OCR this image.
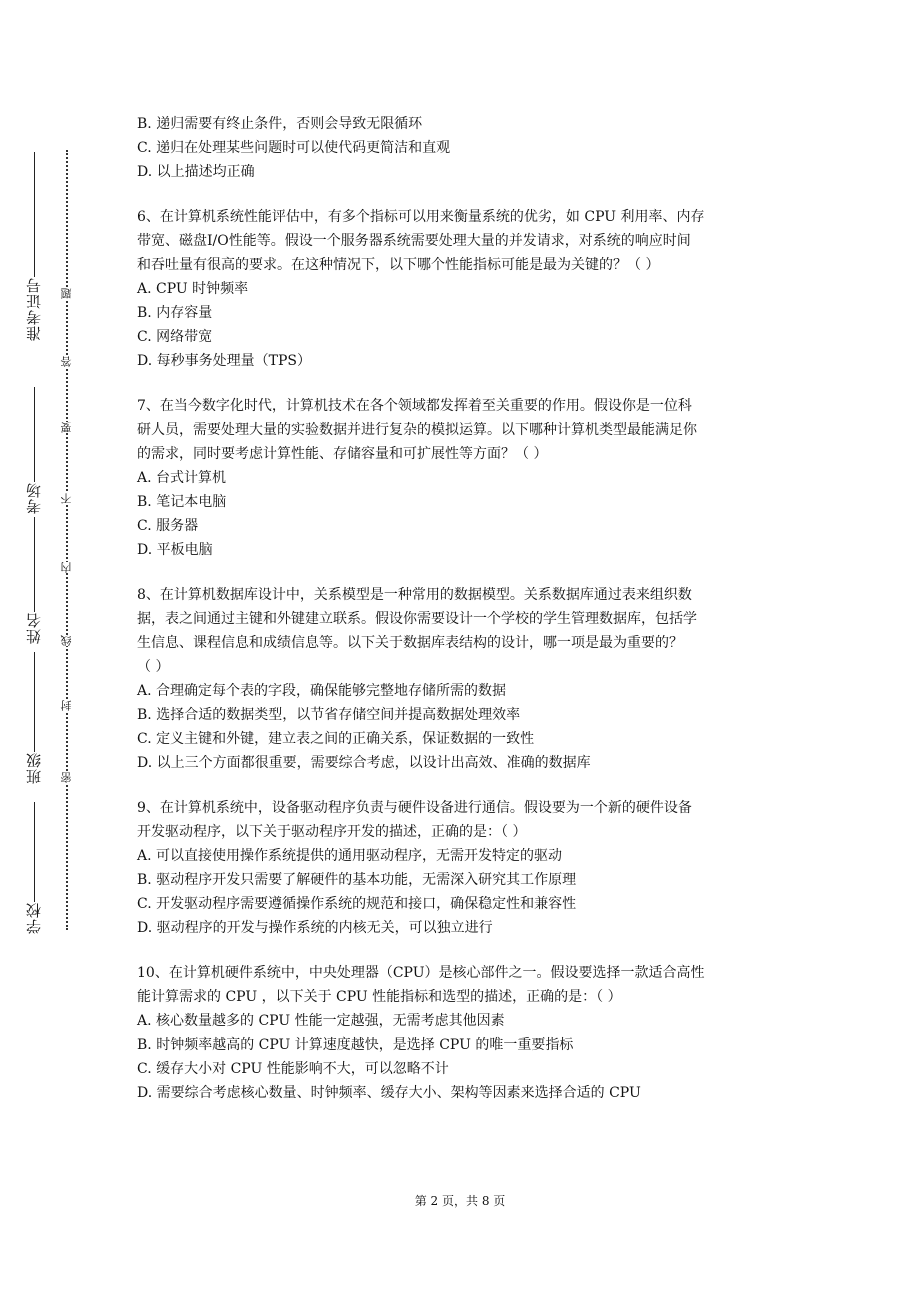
学校
班级
姓名
考场
准考证号
密
封
线
内
不
要
答
题
B. 递归需要有终止条件，否则会导致无限循环
C. 递归在处理某些问题时可以使代码更简洁和直观
D. 以上描述均正确
6、在计算机系统性能评估中，有多个指标可以用来衡量系统的优劣，如 CPU 利用率、内存
带宽、磁盘I/O性能等。假设一个服务器系统需要处理大量的并发请求，对系统的响应时间
和吞吐量有很高的要求。在这种情况下，以下哪个性能指标可能是最为关键的？（ ）
A. CPU 时钟频率
B. 内存容量
C. 网络带宽
D. 每秒事务处理量（TPS）
7、在当今数字化时代，计算机技术在各个领域都发挥着至关重要的作用。假设你是一位科
研人员，需要处理大量的实验数据并进行复杂的模拟运算。以下哪种计算机类型最能满足你
的需求，同时要考虑计算性能、存储容量和可扩展性等方面？（ ）
A. 台式计算机
B. 笔记本电脑
C. 服务器
D. 平板电脑
8、在计算机数据库设计中，关系模型是一种常用的数据模型。关系数据库通过表来组织数
据，表之间通过主键和外键建立联系。假设你需要设计一个学校的学生管理数据库，包括学
生信息、课程信息和成绩信息等。以下关于数据库表结构的设计，哪一项是最为重要的？
（ ）
A. 合理确定每个表的字段，确保能够完整地存储所需的数据
B. 选择合适的数据类型，以节省存储空间并提高数据处理效率
C. 定义主键和外键，建立表之间的正确关系，保证数据的一致性
D. 以上三个方面都很重要，需要综合考虑，以设计出高效、准确的数据库
9、在计算机系统中，设备驱动程序负责与硬件设备进行通信。假设要为一个新的硬件设备
开发驱动程序，以下关于驱动程序开发的描述，正确的是：（ ）
A. 可以直接使用操作系统提供的通用驱动程序，无需开发特定的驱动
B. 驱动程序开发只需要了解硬件的基本功能，无需深入研究其工作原理
C. 开发驱动程序需要遵循操作系统的规范和接口，确保稳定性和兼容性
D. 驱动程序的开发与操作系统的内核无关，可以独立进行
10、在计算机硬件系统中，中央处理器（CPU）是核心部件之一。假设要选择一款适合高性
能计算需求的 CPU ，以下关于 CPU 性能指标和选型的描述，正确的是：（ ）
A. 核心数量越多的 CPU 性能一定越强，无需考虑其他因素
B. 时钟频率越高的 CPU 计算速度越快，是选择 CPU 的唯一重要指标
C. 缓存大小对 CPU 性能影响不大，可以忽略不计
D. 需要综合考虑核心数量、时钟频率、缓存大小、架构等因素来选择合适的 CPU
第 2 页，共 8 页
